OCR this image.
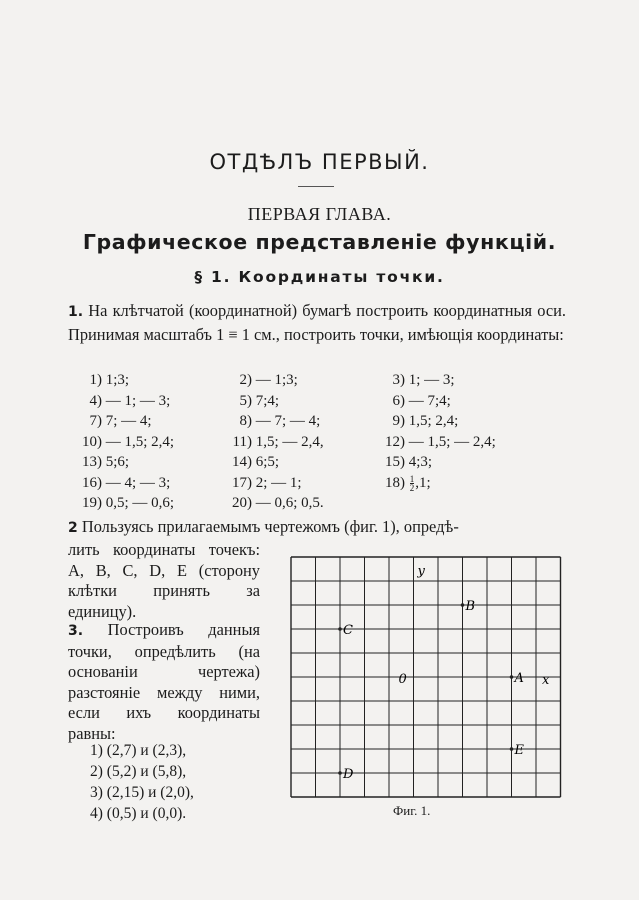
ОТДѢЛЪ ПЕРВЫЙ.
ПЕРВАЯ ГЛАВА.
Графическое представленіе функцій.
§ 1. Координаты точки.
1. На клѣтчатой (координатной) бумагѣ построить координатныя оси. Принимая масштабъ 1 ≡ 1 см., построить точки, имѣющія координаты:
1) 1;3;	2) — 1;3;	3) 1; — 3;
4) — 1; — 3;	5) 7;4;	6) — 7;4;
7) 7; — 4;	8) — 7; — 4;	9) 1,5; 2,4;
10) — 1,5; 2,4;	11) 1,5; — 2,4,	12) — 1,5; — 2,4;
13) 5;6;	14) 6;5;	15) 4;3;
16) — 4; — 3;	17) 2; — 1;	$18) \frac{1}{2} ,1$;
19) 0,5; — 0,6;	20) — 0,6; 0,5.
2 Пользуясь прилагаемымъ чертежомъ (фиг. 1), опредѣ-
лить координаты точекъ: A, B, C, D, E (сторону клѣтки принять за единицу).
3. Построивъ данныя точки, опредѣлить (на основаніи чертежа) разстояніе между ними, если ихъ координаты равны:
1) (2,7) и (2,3),
2) (5,2) и (5,8),
3) (2,15) и (2,0),
4) (0,5) и (0,0).
y
x
0
B
C
A
E
D
Фиг. 1.
